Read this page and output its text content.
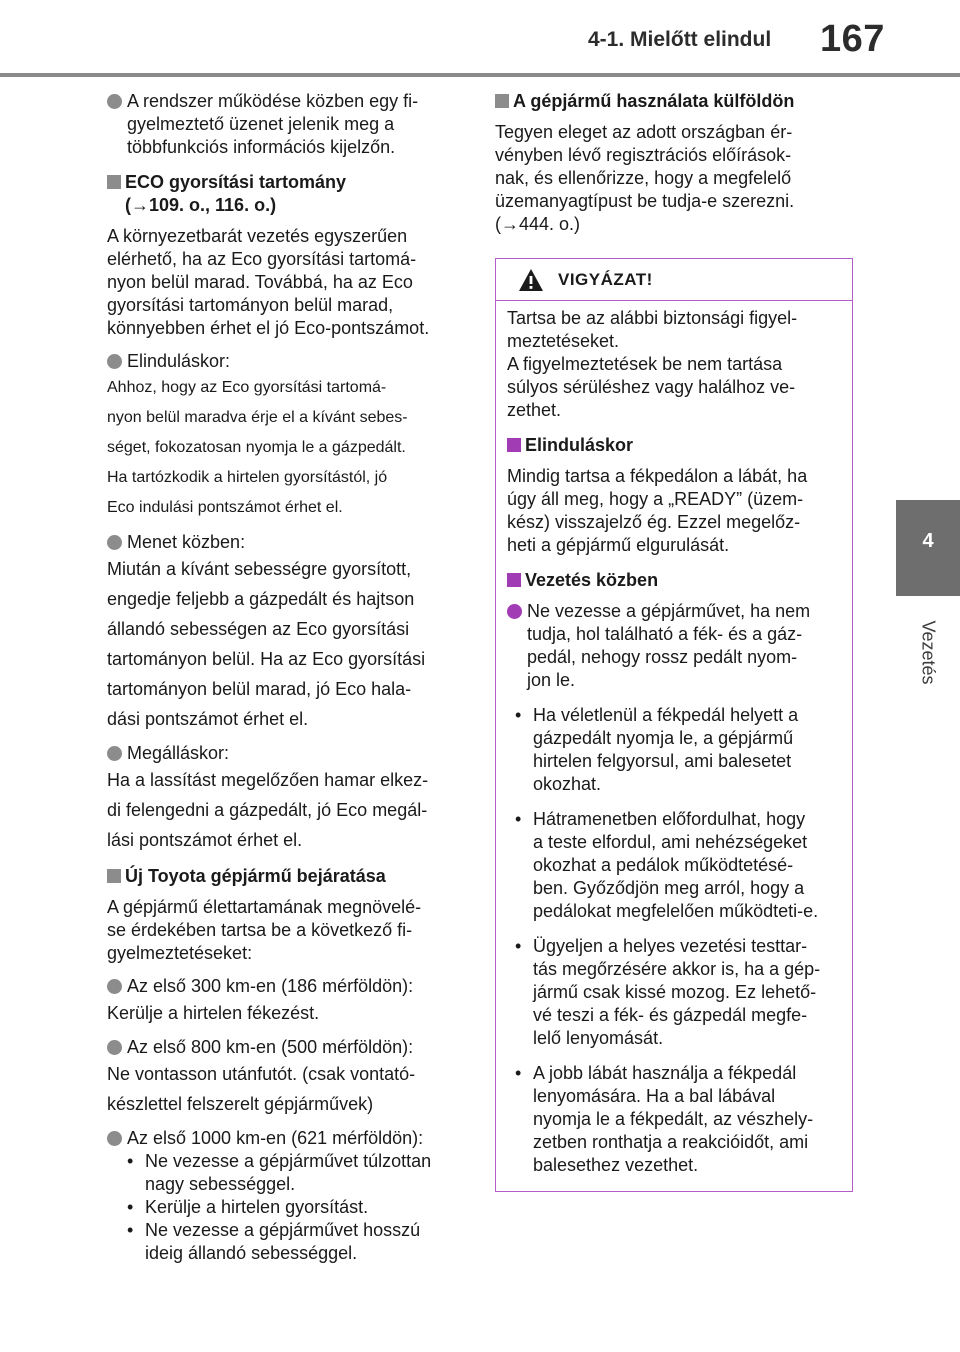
4-1. Mielőtt elindul 167
4
Vezetés
A rendszer működése közben egy fi-
gyelmeztető üzenet jelenik meg a
többfunkciós információs kijelzőn.
ECO gyorsítási tartomány
(→109. o., 116. o.)
A környezetbarát vezetés egyszerűen
elérhető, ha az Eco gyorsítási tartomá-
nyon belül marad. Továbbá, ha az Eco
gyorsítási tartományon belül marad,
könnyebben érhet el jó Eco-pontszámot.
Elinduláskor:
Ahhoz, hogy az Eco gyorsítási tartomá-
nyon belül maradva érje el a kívánt sebes-
séget, fokozatosan nyomja le a gázpedált.
Ha tartózkodik a hirtelen gyorsítástól, jó
Eco indulási pontszámot érhet el.
Menet közben:
Miután a kívánt sebességre gyorsított,
engedje feljebb a gázpedált és hajtson
állandó sebességen az Eco gyorsítási
tartományon belül. Ha az Eco gyorsítási
tartományon belül marad, jó Eco hala-
dási pontszámot érhet el.
Megálláskor:
Ha a lassítást megelőzően hamar elkez-
di felengedni a gázpedált, jó Eco megál-
lási pontszámot érhet el.
Új Toyota gépjármű bejáratása
A gépjármű élettartamának megnövelé-
se érdekében tartsa be a következő fi-
gyelmeztetéseket:
Az első 300 km-en (186 mérföldön):
Kerülje a hirtelen fékezést.
Az első 800 km-en (500 mérföldön):
Ne vontasson utánfutót. (csak vontató-
készlettel felszerelt gépjárművek)
Az első 1000 km-en (621 mérföldön):
• Ne vezesse a gépjárművet túlzottan
nagy sebességgel.
• Kerülje a hirtelen gyorsítást.
• Ne vezesse a gépjárművet hosszú
ideig állandó sebességgel.
A gépjármű használata külföldön
Tegyen eleget az adott országban ér-
vényben lévő regisztrációs előírások-
nak, és ellenőrizze, hogy a megfelelő
üzemanyagtípust be tudja-e szerezni.
(→444. o.)
VIGYÁZAT!
Tartsa be az alábbi biztonsági figyel-
meztetéseket.
A figyelmeztetések be nem tartása
súlyos sérüléshez vagy halálhoz ve-
zethet.
Elinduláskor
Mindig tartsa a fékpedálon a lábát, ha
úgy áll meg, hogy a „READY” (üzem-
kész) visszajelző ég. Ezzel megelőz-
heti a gépjármű elgurulását.
Vezetés közben
Ne vezesse a gépjárművet, ha nem
tudja, hol található a fék- és a gáz-
pedál, nehogy rossz pedált nyom-
jon le.
• Ha véletlenül a fékpedál helyett a
gázpedált nyomja le, a gépjármű
hirtelen felgyorsul, ami balesetet
okozhat.
• Hátramenetben előfordulhat, hogy
a teste elfordul, ami nehézségeket
okozhat a pedálok működtetésé-
ben. Győződjön meg arról, hogy a
pedálokat megfelelően működteti-e.
• Ügyeljen a helyes vezetési testtar-
tás megőrzésére akkor is, ha a gép-
jármű csak kissé mozog. Ez lehető-
vé teszi a fék- és gázpedál megfe-
lelő lenyomását.
• A jobb lábát használja a fékpedál
lenyomására. Ha a bal lábával
nyomja le a fékpedált, az vészhely-
zetben ronthatja a reakcióidőt, ami
balesethez vezethet.
